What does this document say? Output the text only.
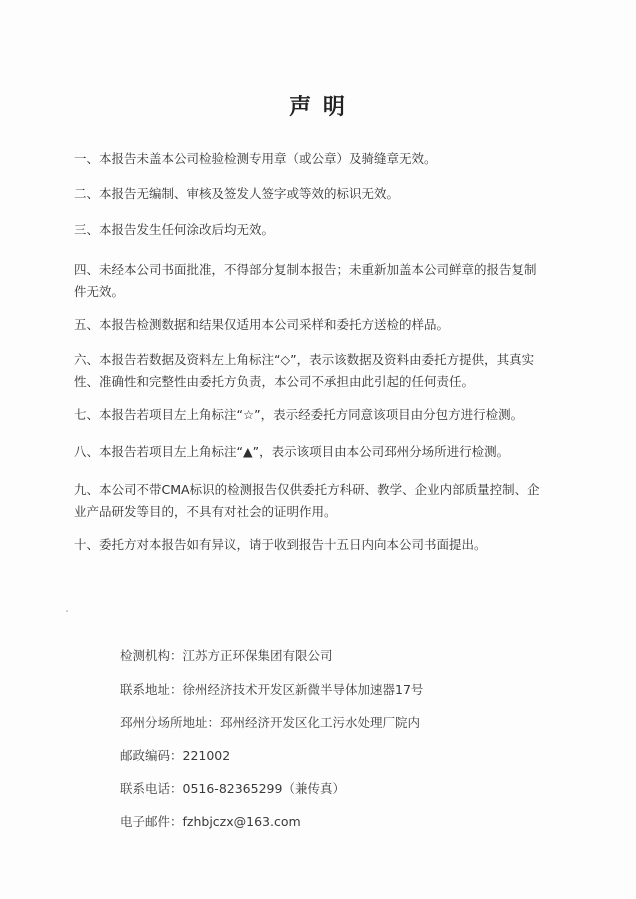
声 明
一、本报告未盖本公司检验检测专用章（或公章）及骑缝章无效。
二、本报告无编制、审核及签发人签字或等效的标识无效。
三、本报告发生任何涂改后均无效。
四、未经本公司书面批准，不得部分复制本报告；未重新加盖本公司鲜章的报告复制
件无效。
五、本报告检测数据和结果仅适用本公司采样和委托方送检的样品。
六、本报告若数据及资料左上角标注“◇”，表示该数据及资料由委托方提供，其真实
性、准确性和完整性由委托方负责，本公司不承担由此引起的任何责任。
七、本报告若项目左上角标注“☆”，表示经委托方同意该项目由分包方进行检测。
八、本报告若项目左上角标注“▲”，表示该项目由本公司邳州分场所进行检测。
九、本公司不带CMA标识的检测报告仅供委托方科研、教学、企业内部质量控制、企
业产品研发等目的，不具有对社会的证明作用。
十、委托方对本报告如有异议，请于收到报告十五日内向本公司书面提出。
检测机构：江苏方正环保集团有限公司
联系地址：徐州经济技术开发区新微半导体加速器17号
邳州分场所地址：邳州经济开发区化工污水处理厂院内
邮政编码：221002
联系电话：0516-82365299（兼传真）
电子邮件：fzhbjczx@163.com
